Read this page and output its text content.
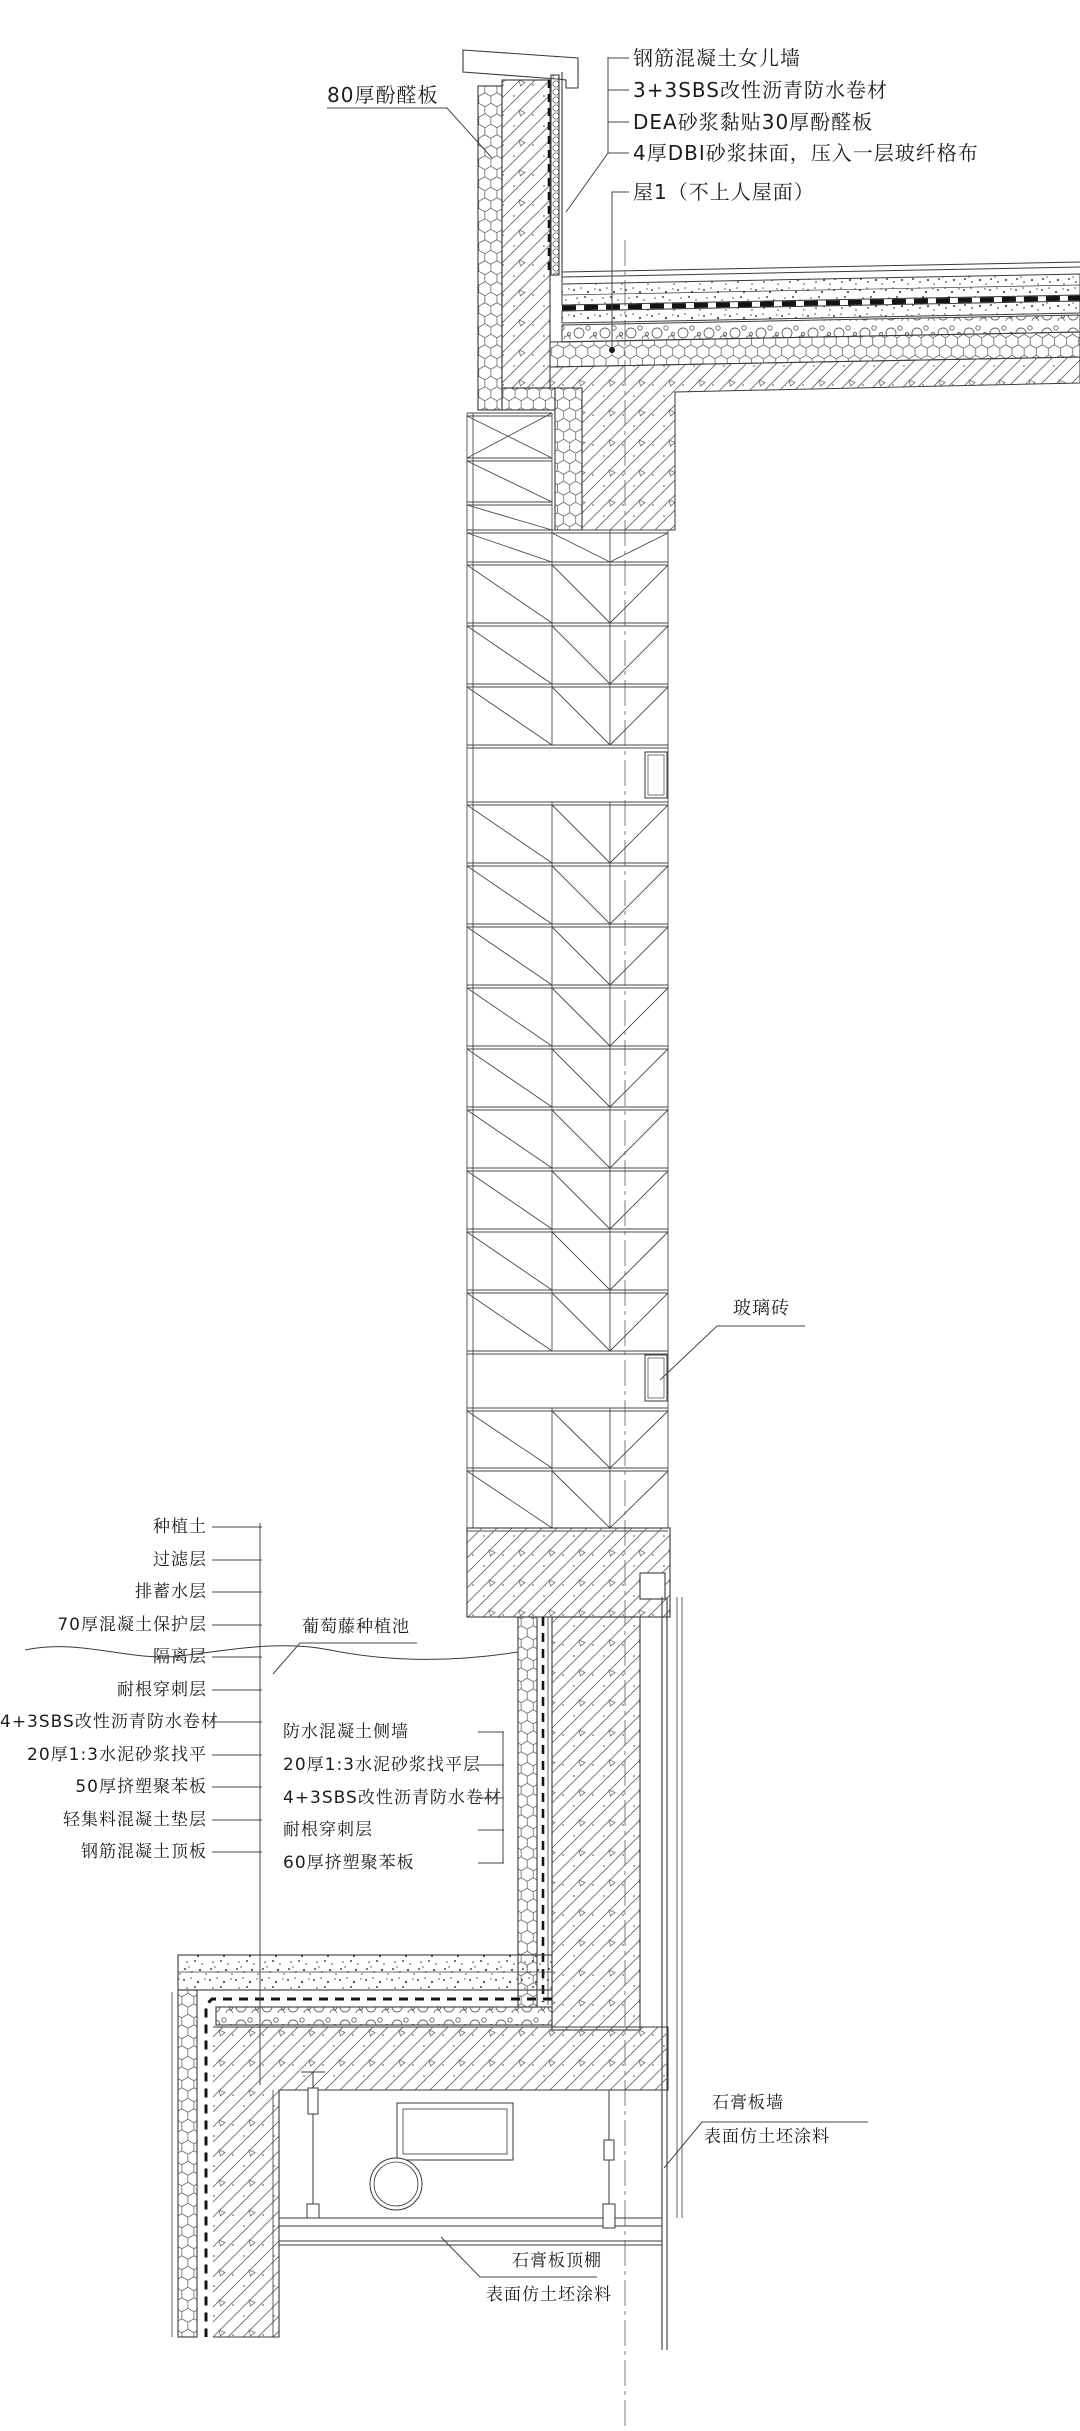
80厚酚醛板
钢筋混凝土女儿墙
3+3SBS改性沥青防水卷材
DEA砂浆黏贴30厚酚醛板
4厚DBI砂浆抹面，压入一层玻纤格布
屋1（不上人屋面）
玻璃砖
种植土
过滤层
排蓄水层
70厚混凝土保护层
隔离层
耐根穿刺层
4+3SBS改性沥青防水卷材
20厚1:3水泥砂浆找平
50厚挤塑聚苯板
轻集料混凝土垫层
钢筋混凝土顶板
葡萄藤种植池
防水混凝土侧墙
20厚1:3水泥砂浆找平层
4+3SBS改性沥青防水卷材
耐根穿刺层
60厚挤塑聚苯板
石膏板墙
表面仿土坯涂料
石膏板顶棚
表面仿土坯涂料
